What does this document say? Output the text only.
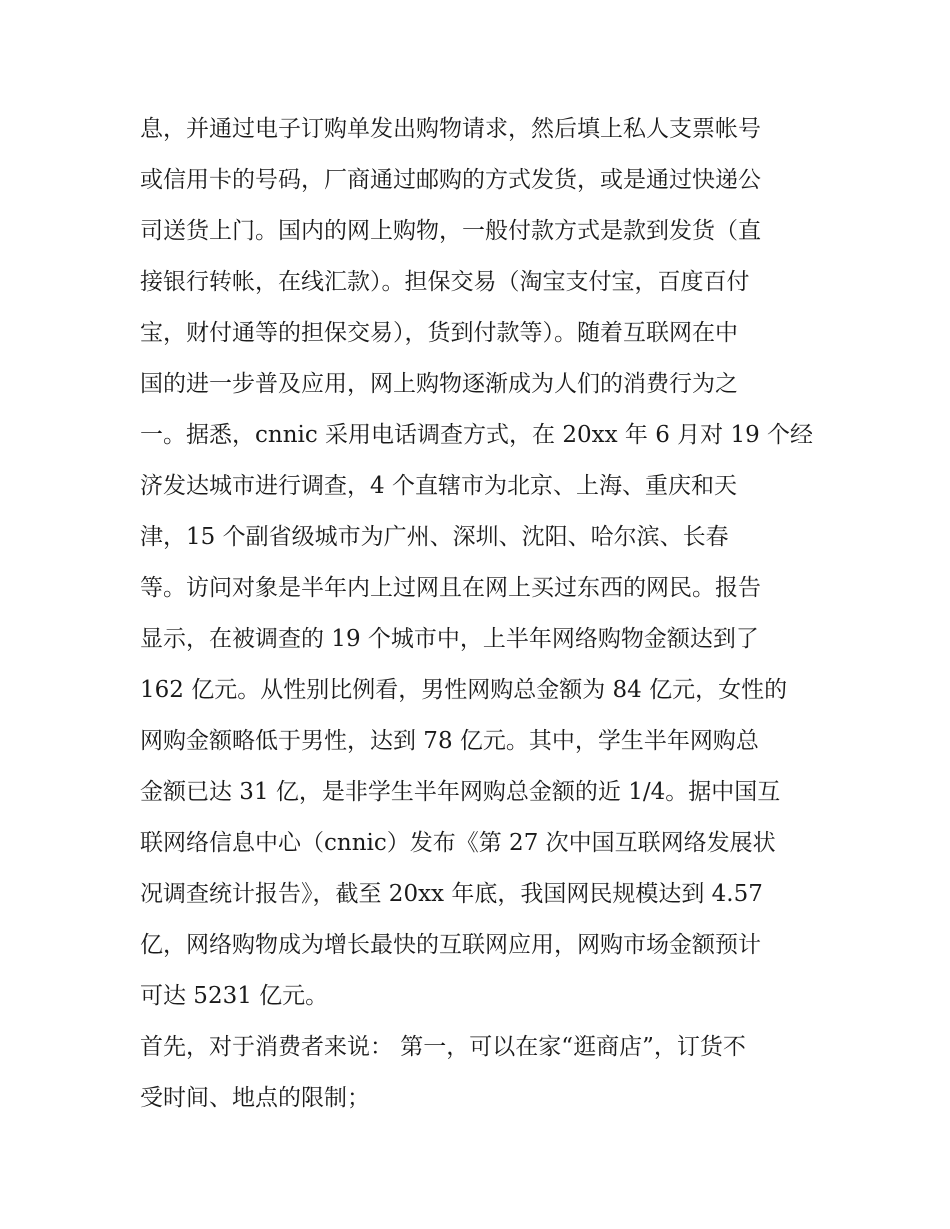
息，并通过电子订购单发出购物请求，然后填上私人支票帐号
或信用卡的号码，厂商通过邮购的方式发货，或是通过快递公
司送货上门。国内的网上购物，一般付款方式是款到发货（直
接银行转帐，在线汇款）。担保交易（淘宝支付宝，百度百付
宝，财付通等的担保交易），货到付款等）。随着互联网在中
国的进一步普及应用，网上购物逐渐成为人们的消费行为之
一。据悉，cnnic 采用电话调查方式，在 20xx 年 6 月对 19 个经
济发达城市进行调查，4 个直辖市为北京、上海、重庆和天
津，15 个副省级城市为广州、深圳、沈阳、哈尔滨、长春
等。访问对象是半年内上过网且在网上买过东西的网民。报告
显示，在被调查的 19 个城市中，上半年网络购物金额达到了
162 亿元。从性别比例看，男性网购总金额为 84 亿元，女性的
网购金额略低于男性，达到 78 亿元。其中，学生半年网购总
金额已达 31 亿，是非学生半年网购总金额的近 1/4。据中国互
联网络信息中心（cnnic）发布《第 27 次中国互联网络发展状
况调查统计报告》，截至 20xx 年底，我国网民规模达到 4.57
亿，网络购物成为增长最快的互联网应用，网购市场金额预计
可达 5231 亿元。
首先，对于消费者来说： 第一，可以在家“逛商店”，订货不
受时间、地点的限制；
